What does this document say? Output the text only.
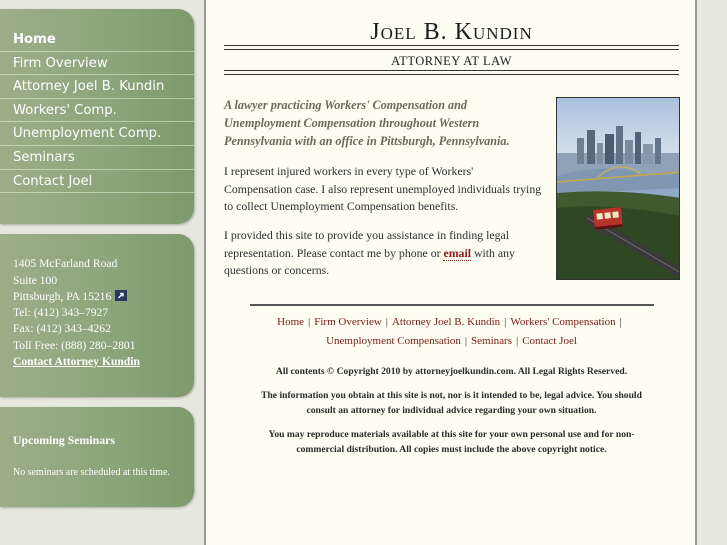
Home
Firm Overview
Attorney Joel B. Kundin
Workers' Comp.
Unemployment Comp.
Seminars
Contact Joel
1405 McFarland Road
Suite 100
Pittsburgh, PA 15216
Tel: (412) 343–7927
Fax: (412) 343–4262
Toll Free: (888) 280–2801
Contact Attorney Kundin
Upcoming Seminars
No seminars are scheduled at this time.
Joel B. Kundin
ATTORNEY AT LAW
A lawyer practicing Workers' Compensation and Unemployment Compensation throughout Western Pennsylvania with an office in Pittsburgh, Pennsylvania.
I represent injured workers in every type of Workers' Compensation case. I also represent unemployed individuals trying to collect Unemployment Compensation benefits.
I provided this site to provide you assistance in finding legal representation. Please contact me by phone or email with any questions or concerns.
Home | Firm Overview | Attorney Joel B. Kundin | Workers' Compensation |
Unemployment Compensation | Seminars | Contact Joel
All contents © Copyright 2010 by attorneyjoelkundin.com. All Legal Rights Reserved.
The information you obtain at this site is not, nor is it intended to be, legal advice. You should consult an attorney for individual advice regarding your own situation.
You may reproduce materials available at this site for your own personal use and for non-commercial distribution. All copies must include the above copyright notice.
